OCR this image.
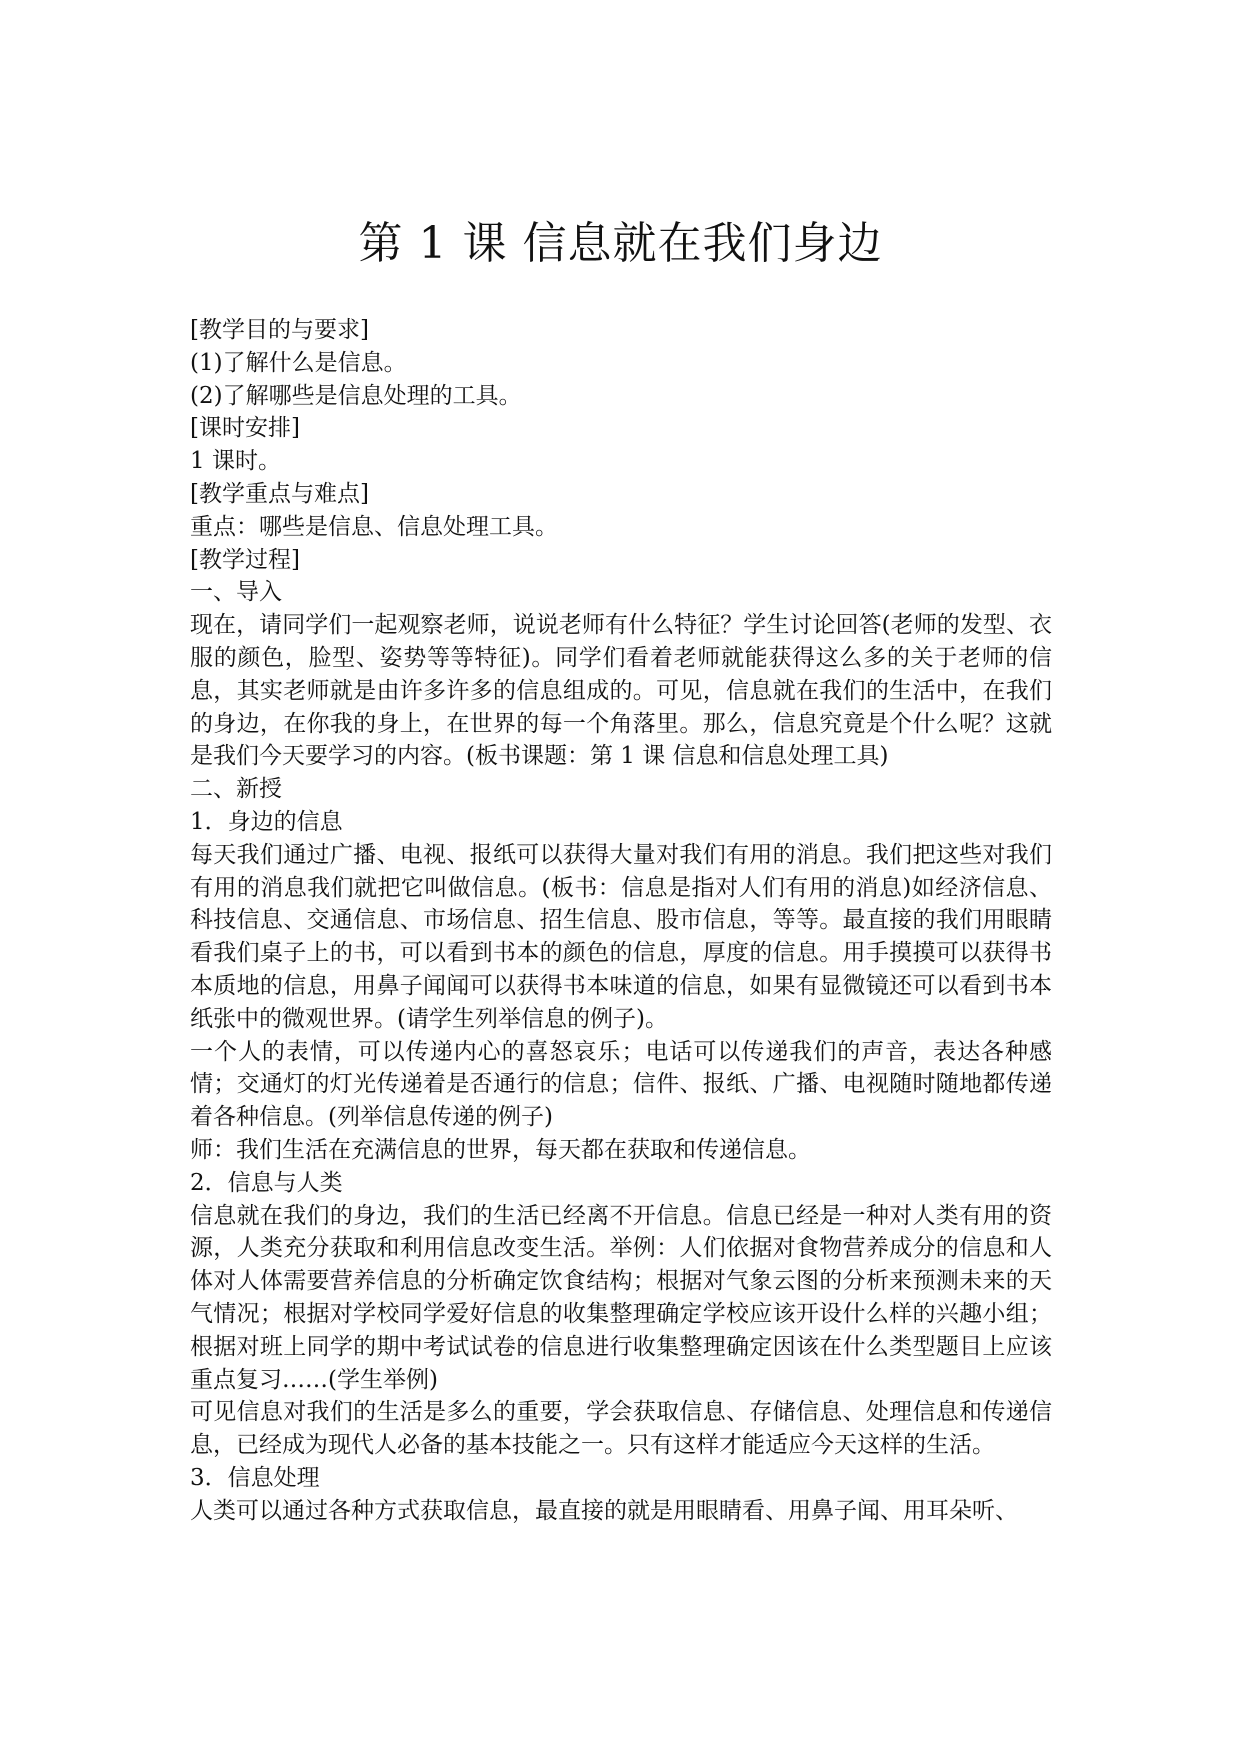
第 1 课 信息就在我们身边

[教学目的与要求]

(1)了解什么是信息。

(2)了解哪些是信息处理的工具。

[课时安排]

1 课时。

[教学重点与难点]

重点：哪些是信息、信息处理工具。

[教学过程]

一、导入

现在，请同学们一起观察老师，说说老师有什么特征？学生讨论回答(老师的发型、衣服的颜色，脸型、姿势等等特征)。同学们看着老师就能获得这么多的关于老师的信息，其实老师就是由许多许多的信息组成的。可见，信息就在我们的生活中，在我们的身边，在你我的身上，在世界的每一个角落里。那么，信息究竟是个什么呢？这就是我们今天要学习的内容。(板书课题：第 1 课 信息和信息处理工具)

二、新授

1．身边的信息

每天我们通过广播、电视、报纸可以获得大量对我们有用的消息。我们把这些对我们有用的消息我们就把它叫做信息。(板书：信息是指对人们有用的消息)如经济信息、科技信息、交通信息、市场信息、招生信息、股市信息，等等。最直接的我们用眼睛看我们桌子上的书，可以看到书本的颜色的信息，厚度的信息。用手摸摸可以获得书本质地的信息，用鼻子闻闻可以获得书本味道的信息，如果有显微镜还可以看到书本纸张中的微观世界。(请学生列举信息的例子)。

一个人的表情，可以传递内心的喜怒哀乐；电话可以传递我们的声音，表达各种感情；交通灯的灯光传递着是否通行的信息；信件、报纸、广播、电视随时随地都传递着各种信息。(列举信息传递的例子)

师：我们生活在充满信息的世界，每天都在获取和传递信息。

2．信息与人类

信息就在我们的身边，我们的生活已经离不开信息。信息已经是一种对人类有用的资源，人类充分获取和利用信息改变生活。举例：人们依据对食物营养成分的信息和人体对人体需要营养信息的分析确定饮食结构；根据对气象云图的分析来预测未来的天气情况；根据对学校同学爱好信息的收集整理确定学校应该开设什么样的兴趣小组；根据对班上同学的期中考试试卷的信息进行收集整理确定因该在什么类型题目上应该重点复习……(学生举例)

可见信息对我们的生活是多么的重要，学会获取信息、存储信息、处理信息和传递信息，已经成为现代人必备的基本技能之一。只有这样才能适应今天这样的生活。

3．信息处理

人类可以通过各种方式获取信息，最直接的就是用眼睛看、用鼻子闻、用耳朵听、
